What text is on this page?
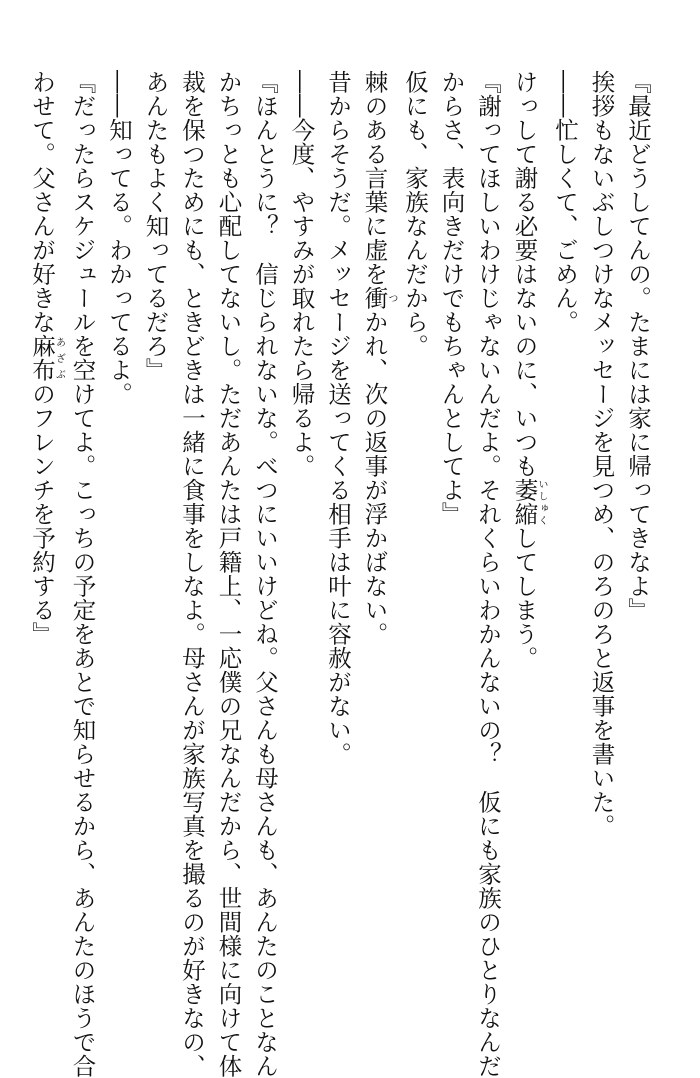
『最近どうしてんの。たまには家に帰ってきなよ』

挨拶もないぶしつけなメッセージを見つめ、のろのろと返事を書いた。

――忙しくて、ごめん。

けっして謝る必要はないのに、いつも萎縮いしゅくしてしまう。

『謝ってほしいわけじゃないんだよ。それくらいわかんないの？　仮にも家族のひとりなんだ

からさ、表向きだけでもちゃんとしてよ』

仮にも、家族なんだから。

棘のある言葉に虚を衝つかれ、次の返事が浮かばない。

昔からそうだ。メッセージを送ってくる相手は叶に容赦がない。

――今度、やすみが取れたら帰るよ。

『ほんとうに？　信じられないな。べつにいいけどね。父さんも母さんも、あんたのことなん

かちっとも心配してないし。ただあんたは戸籍上、一応僕の兄なんだから、世間様に向けて体

裁を保つためにも、ときどきは一緒に食事をしなよ。母さんが家族写真を撮るのが好きなの、

あんたもよく知ってるだろ』

――知ってる。わかってるよ。

『だったらスケジュールを空けてよ。こっちの予定をあとで知らせるから、あんたのほうで合

わせて。父さんが好きな麻布あざぶのフレンチを予約する』
